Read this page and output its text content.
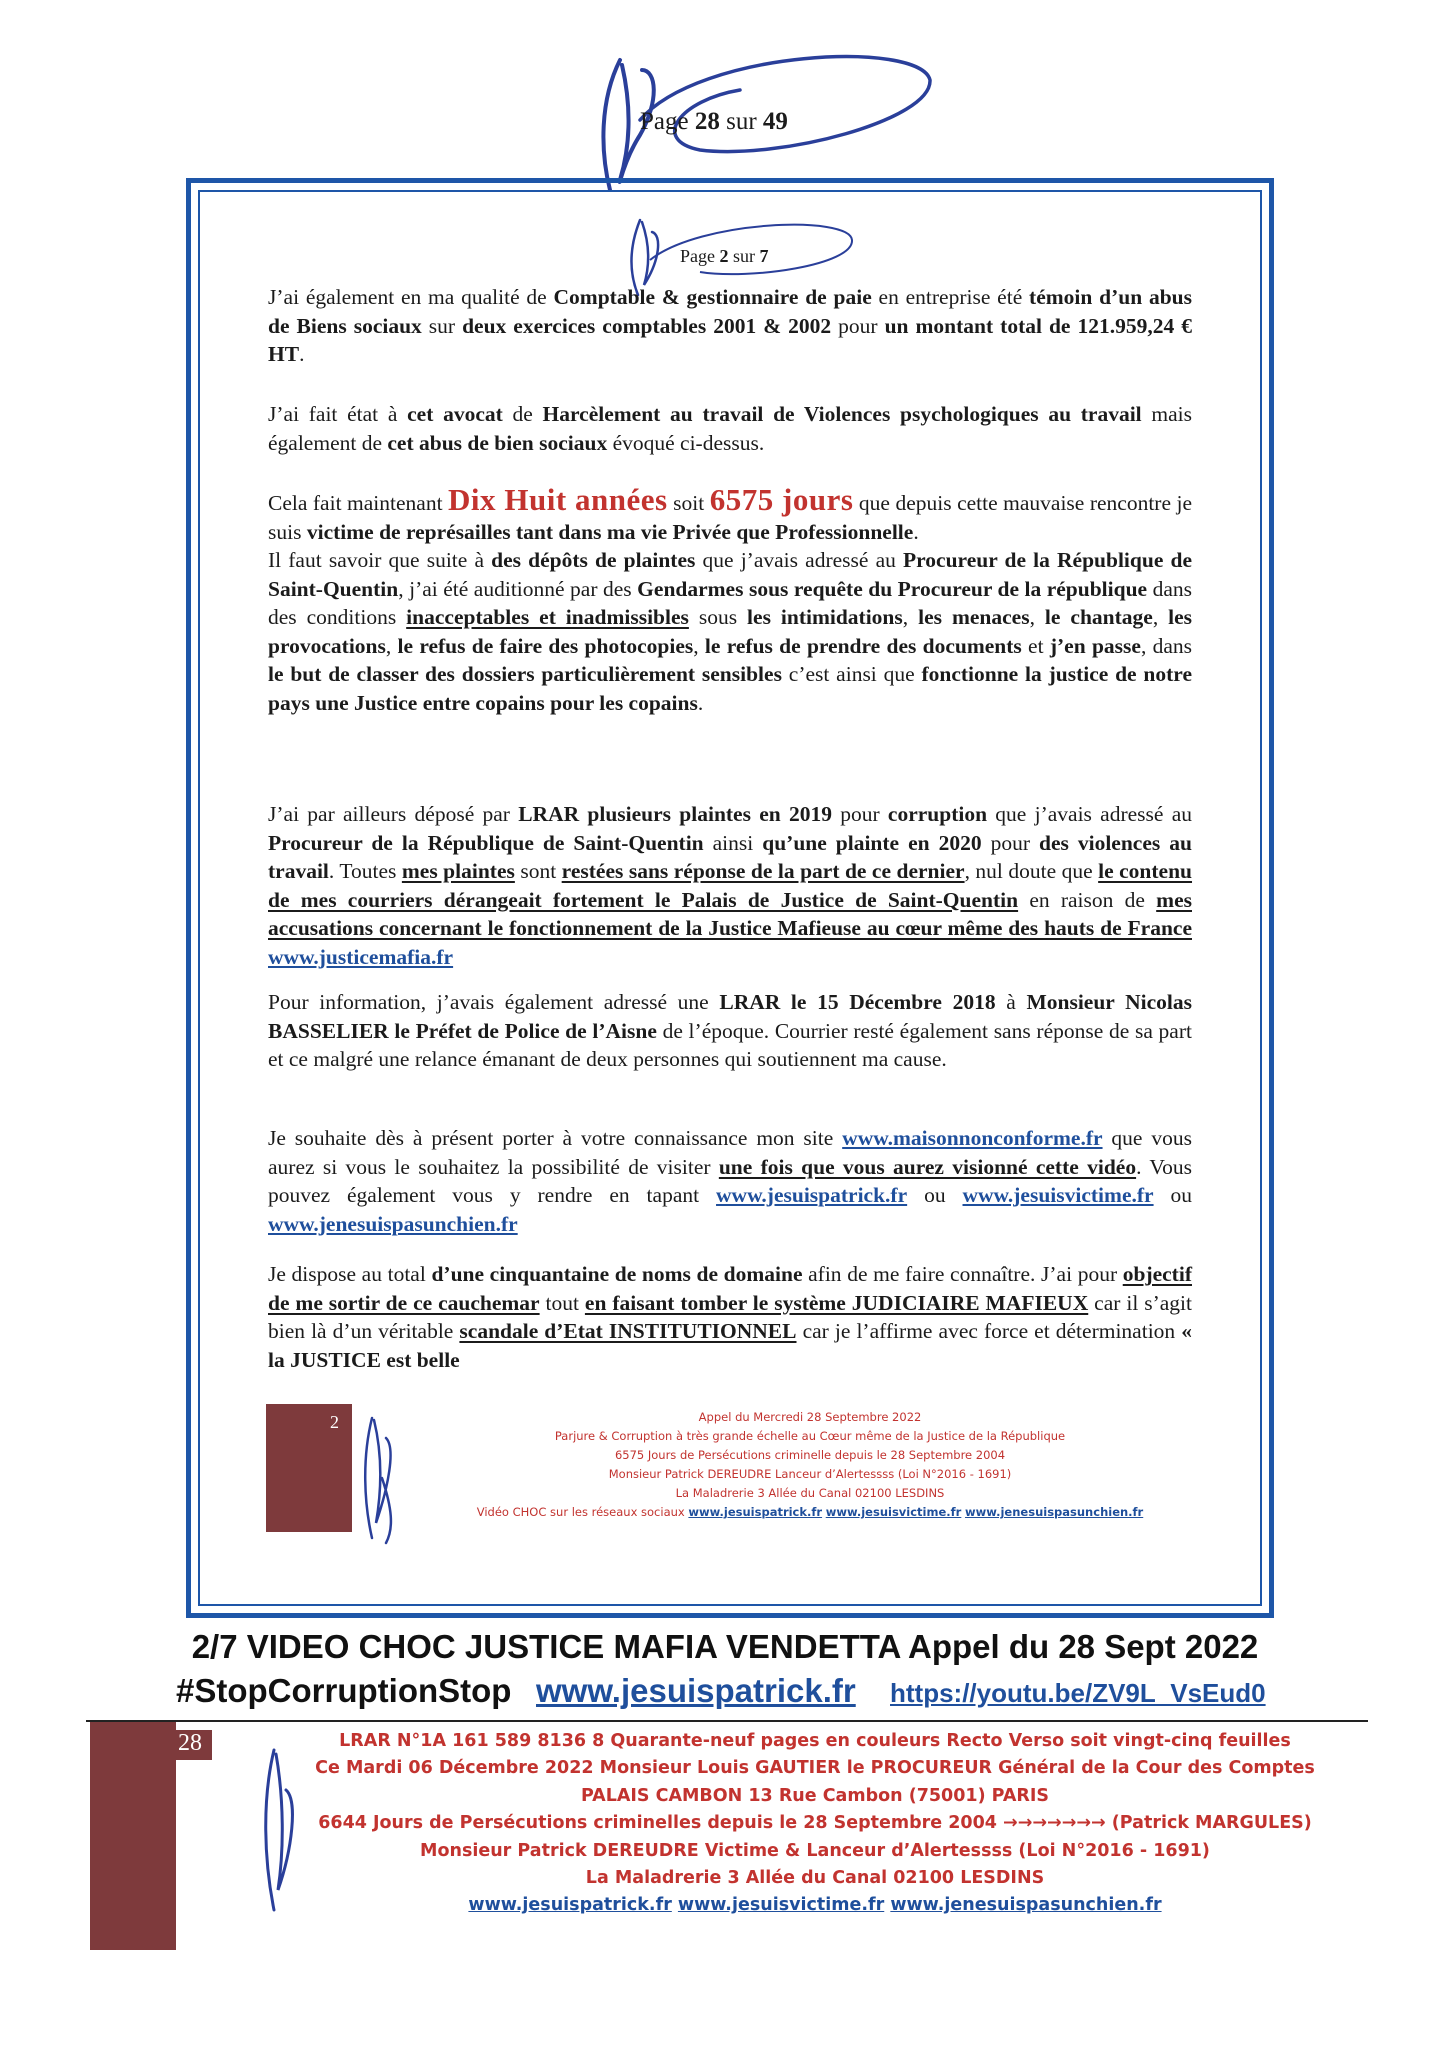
Page 28 sur 49
Page 2 sur 7
J’ai également en ma qualité de Comptable & gestionnaire de paie en entreprise été témoin d’un abus de Biens sociaux sur deux exercices comptables 2001 & 2002 pour un montant total de 121.959,24 € HT.
J’ai fait état à cet avocat de Harcèlement au travail de Violences psychologiques au travail mais également de cet abus de bien sociaux évoqué ci-dessus.
Cela fait maintenant Dix Huit années soit 6575 jours que depuis cette mauvaise rencontre je suis victime de représailles tant dans ma vie Privée que Professionnelle.
Il faut savoir que suite à des dépôts de plaintes que j’avais adressé au Procureur de la République de Saint-Quentin, j’ai été auditionné par des Gendarmes sous requête du Procureur de la république dans des conditions inacceptables et inadmissibles sous les intimidations, les menaces, le chantage, les provocations, le refus de faire des photocopies, le refus de prendre des documents et j’en passe, dans le but de classer des dossiers particulièrement sensibles c’est ainsi que fonctionne la justice de notre pays une Justice entre copains pour les copains.
J’ai par ailleurs déposé par LRAR plusieurs plaintes en 2019 pour corruption que j’avais adressé au Procureur de la République de Saint-Quentin ainsi qu’une plainte en 2020 pour des violences au travail. Toutes mes plaintes sont restées sans réponse de la part de ce dernier, nul doute que le contenu de mes courriers dérangeait fortement le Palais de Justice de Saint-Quentin en raison de mes accusations concernant le fonctionnement de la Justice Mafieuse au cœur même des hauts de France www.justicemafia.fr
Pour information, j’avais également adressé une LRAR le 15 Décembre 2018 à Monsieur Nicolas BASSELIER le Préfet de Police de l’Aisne de l’époque. Courrier resté également sans réponse de sa part et ce malgré une relance émanant de deux personnes qui soutiennent ma cause.
Je souhaite dès à présent porter à votre connaissance mon site www.maisonnonconforme.fr que vous aurez si vous le souhaitez la possibilité de visiter une fois que vous aurez visionné cette vidéo. Vous pouvez également vous y rendre en tapant www.jesuispatrick.fr ou www.jesuisvictime.fr ou www.jenesuispasunchien.fr
Je dispose au total d’une cinquantaine de noms de domaine afin de me faire connaître. J’ai pour objectif de me sortir de ce cauchemar tout en faisant tomber le système JUDICIAIRE MAFIEUX car il s’agit bien là d’un véritable scandale d’Etat INSTITUTIONNEL car je l’affirme avec force et détermination « la JUSTICE est belle
2	Appel du Mercredi 28 Septembre 2022
Parjure & Corruption à très grande échelle au Cœur même de la Justice de la République
6575 Jours de Persécutions criminelle depuis le 28 Septembre 2004
Monsieur Patrick DEREUDRE Lanceur d’Alertessss (Loi N°2016 - 1691)
La Maladrerie 3 Allée du Canal 02100 LESDINS
Vidéo CHOC sur les réseaux sociaux www.jesuispatrick.fr www.jesuisvictime.fr www.jenesuispasunchien.fr
2/7 VIDEO CHOC JUSTICE MAFIA VENDETTA Appel du 28 Sept 2022
#StopCorruptionStop www.jesuispatrick.fr https://youtu.be/ZV9L_VsEud0
28	LRAR N°1A 161 589 8136 8 Quarante-neuf pages en couleurs Recto Verso soit vingt-cinq feuilles
Ce Mardi 06 Décembre 2022 Monsieur Louis GAUTIER le PROCUREUR Général de la Cour des Comptes
PALAIS CAMBON 13 Rue Cambon (75001) PARIS
6644 Jours de Persécutions criminelles depuis le 28 Septembre 2004 →→→→→→→ (Patrick MARGULES)
Monsieur Patrick DEREUDRE Victime & Lanceur d’Alertessss (Loi N°2016 - 1691)
La Maladrerie 3 Allée du Canal 02100 LESDINS
www.jesuispatrick.fr www.jesuisvictime.fr www.jenesuispasunchien.fr
